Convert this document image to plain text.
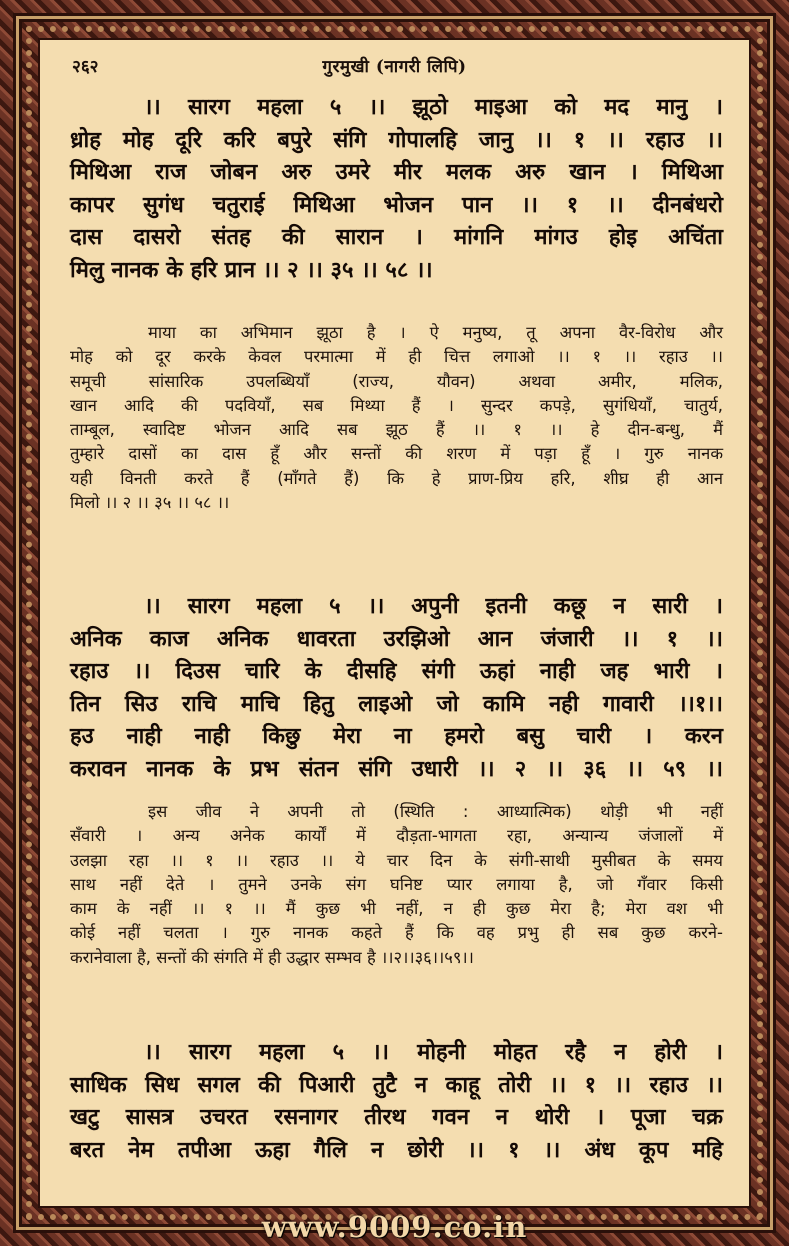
२६२	गुरमुखी (नागरी लिपि)
।। सारग महला ५ ।। झूठो माइआ को मद मानु ।
ध्रोह मोह दूरि करि बपुरे संगि गोपालहि जानु ।। १ ।। रहाउ ।।
मिथिआ राज जोबन अरु उमरे मीर मलक अरु खान । मिथिआ
कापर सुगंध चतुराई मिथिआ भोजन पान ।। १ ।। दीनबंधरो
दास दासरो संतह की सारान । मांगनि मांगउ होइ अचिंता
मिलु नानक के हरि प्रान ।। २ ।। ३५ ।। ५८ ।।
माया का अभिमान झूठा है । ऐ मनुष्य, तू अपना वैर-विरोध और
मोह को दूर करके केवल परमात्मा में ही चित्त लगाओ ।। १ ।। रहाउ ।।
समूची सांसारिक उपलब्धियाँ (राज्य, यौवन) अथवा अमीर, मलिक,
खान आदि की पदवियाँ, सब मिथ्या हैं । सुन्दर कपड़े, सुगंधियाँ, चातुर्य,
ताम्बूल, स्वादिष्ट भोजन आदि सब झूठ हैं ।। १ ।। हे दीन-बन्धु, मैं
तुम्हारे दासों का दास हूँ और सन्तों की शरण में पड़ा हूँ । गुरु नानक
यही विनती करते हैं (माँगते हैं) कि हे प्राण-प्रिय हरि, शीघ्र ही आन
मिलो ।। २ ।। ३५ ।। ५८ ।।
।। सारग महला ५ ।। अपुनी इतनी कछू न सारी ।
अनिक काज अनिक धावरता उरझिओ आन जंजारी ।। १ ।।
रहाउ ।। दिउस चारि के दीसहि संगी ऊहां नाही जह भारी ।
तिन सिउ राचि माचि हितु लाइओ जो कामि नही गावारी ।।१।।
हउ नाही नाही किछु मेरा ना हमरो बसु चारी । करन
करावन नानक के प्रभ संतन संगि उधारी ।। २ ।। ३६ ।। ५९ ।।
इस जीव ने अपनी तो (स्थिति : आध्यात्मिक) थोड़ी भी नहीं
सँवारी । अन्य अनेक कार्यों में दौड़ता-भागता रहा, अन्यान्य जंजालों में
उलझा रहा ।। १ ।। रहाउ ।। ये चार दिन के संगी-साथी मुसीबत के समय
साथ नहीं देते । तुमने उनके संग घनिष्ट प्यार लगाया है, जो गँवार किसी
काम के नहीं ।। १ ।। मैं कुछ भी नहीं, न ही कुछ मेरा है; मेरा वश भी
कोई नहीं चलता । गुरु नानक कहते हैं कि वह प्रभु ही सब कुछ करने-
करानेवाला है, सन्तों की संगति में ही उद्धार सम्भव है ।।२।।३६।।५९।।
।। सारग महला ५ ।। मोहनी मोहत रहै न होरी ।
साधिक सिध सगल की पिआरी तुटै न काहू तोरी ।। १ ।। रहाउ ।।
खटु सासत्र उचरत रसनागर तीरथ गवन न थोरी । पूजा चक्र
बरत नेम तपीआ ऊहा गैलि न छोरी ।। १ ।। अंध कूप महि
www.9009.co.in
